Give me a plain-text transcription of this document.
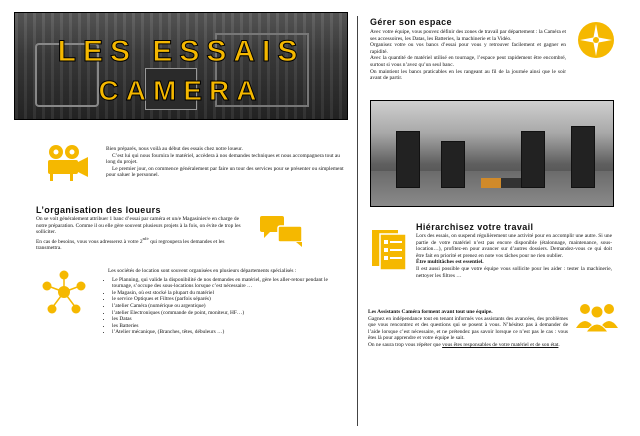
LES ESSAIS
CAMERA
Bien préparés, nous voilà au début des essais chez notre loueur.
C’est lui qui nous fournira le matériel, accèdera à nos demandes techniques et nous accompagnera tout au long du projet.
Le premier jour, on commence généralement par faire un tour des services pour se présenter ou simplement pour saluer le personnel.
L’organisation des loueurs
On se voit généralement attribuer 1 banc d’essai par caméra et un/e Magasinier/e en charge de notre préparation. Comme il ou elle gère souvent plusieurs projets à la fois, on évite de trop les solliciter.
En cas de besoins, vous vous adresserez à votre $2^{nd/e}$ qui regroupera les demandes et les transmettra.
Les sociétés de location sont souvent organisées en plusieurs départements spécialisés :
• Le Planning, qui valide la disponibilité de nos demandes en matériel, gère les aller-retour pendant le tournage, s’occupe des sous-locations lorsque c’est nécessaire …
• le Magasin, où est stocké la plupart du matériel
• le service Optiques et Filtres (parfois séparés)
• l’atelier Caméra (numérique ou argentique)
• l’atelier Electroniques (commande de point, moniteur, HF…)
• les Datas
• les Batteries
• l’Atelier mécanique, (Branches, têtes, débuleurs …)
Gérer son espace
Avec votre équipe, vous pouvez définir des zones de travail par département : la Caméra et ses accessoires, les Datas, les Batteries, la machinerie et la Vidéo.
Organisez votre ou vos bancs d’essai pour vous y retrouver facilement et gagner en rapidité.
Avec la quantité de matériel utilisé en tournage, l’espace peut rapidement être encombré, surtout si vous n’avez qu’un seul banc.
On maintient les bancs praticables en les rangeant au fil de la journée ainsi que le soir avant de partir.
Hiérarchisez votre travail
Lors des essais, on suspend régulièrement une activité pour en accomplir une autre. Si une partie de votre matériel n’est pas encore disponible (étalonnage, maintenance, sous-location…), profitez-en pour avancer sur d’autres dossiers. Demandez-vous ce qui doit être fait en priorité et prenez en note vos tâches pour ne rien oublier.
Être multitâches est essentiel.
Il est aussi possible que votre équipe vous sollicite pour les aider : tester la machinerie, nettoyer les filtres …
Les Assistants Caméra forment avant tout une équipe.
Gagnez en indépendance tout en tenant informés vos assistants des avancées, des problèmes que vous rencontrez et des questions qui se posent à vous. N’hésitez pas à demander de l’aide lorsque c’est nécessaire, et ne prétendez pas savoir lorsque ce n’est pas le cas : vous êtes là pour apprendre et votre équipe le sait.
On ne saura trop vous répéter que vous êtes responsables de votre matériel et de son état.
